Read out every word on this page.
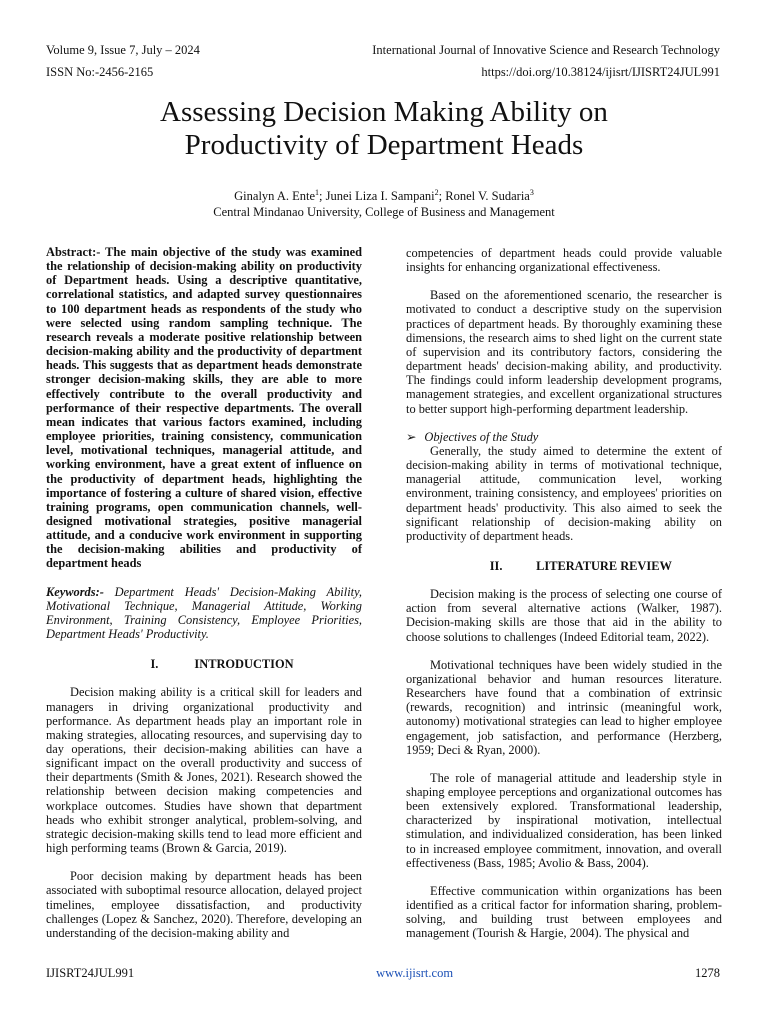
Volume 9, Issue 7, July – 2024	International Journal of Innovative Science and Research Technology
ISSN No:-2456-2165	https://doi.org/10.38124/ijisrt/IJISRT24JUL991
Assessing Decision Making Ability on
Productivity of Department Heads
Ginalyn A. Ente$^1$; Junei Liza I. Sampani$^2$; Ronel V. Sudaria$^3$
Central Mindanao University, College of Business and Management

Abstract:- The main objective of the study was examined the relationship of decision-making ability on productivity of Department heads. Using a descriptive quantitative, correlational statistics, and adapted survey questionnaires to 100 department heads as respondents of the study who were selected using random sampling technique. The research reveals a moderate positive relationship between decision-making ability and the productivity of department heads. This suggests that as department heads demonstrate stronger decision-making skills, they are able to more effectively contribute to the overall productivity and performance of their respective departments. The overall mean indicates that various factors examined, including employee priorities, training consistency, communication level, motivational techniques, managerial attitude, and working environment, have a great extent of influence on the productivity of department heads, highlighting the importance of fostering a culture of shared vision, effective training programs, open communication channels, well-designed motivational strategies, positive managerial attitude, and a conducive work environment in supporting the decision-making abilities and productivity of department heads

Keywords:- Department Heads' Decision-Making Ability, Motivational Technique, Managerial Attitude, Working Environment, Training Consistency, Employee Priorities, Department Heads' Productivity.

I.	INTRODUCTION

Decision making ability is a critical skill for leaders and managers in driving organizational productivity and performance. As department heads play an important role in making strategies, allocating resources, and supervising day to day operations, their decision-making abilities can have a significant impact on the overall productivity and success of their departments (Smith & Jones, 2021). Research showed the relationship between decision making competencies and workplace outcomes. Studies have shown that department heads who exhibit stronger analytical, problem-solving, and strategic decision-making skills tend to lead more efficient and high performing teams (Brown & Garcia, 2019).

Poor decision making by department heads has been associated with suboptimal resource allocation, delayed project timelines, employee dissatisfaction, and productivity challenges (Lopez & Sanchez, 2020). Therefore, developing an understanding of the decision-making ability and

competencies of department heads could provide valuable insights for enhancing organizational effectiveness.

Based on the aforementioned scenario, the researcher is motivated to conduct a descriptive study on the supervision practices of department heads. By thoroughly examining these dimensions, the research aims to shed light on the current state of supervision and its contributory factors, considering the department heads' decision-making ability, and productivity. The findings could inform leadership development programs, management strategies, and excellent organizational structures to better support high-performing department leadership.

➢ Objectives of the Study

Generally, the study aimed to determine the extent of decision-making ability in terms of motivational technique, managerial attitude, communication level, working environment, training consistency, and employees' priorities on department heads' productivity. This also aimed to seek the significant relationship of decision-making ability on productivity of department heads.

II.	LITERATURE REVIEW

Decision making is the process of selecting one course of action from several alternative actions (Walker, 1987). Decision-making skills are those that aid in the ability to choose solutions to challenges (Indeed Editorial team, 2022).

Motivational techniques have been widely studied in the organizational behavior and human resources literature. Researchers have found that a combination of extrinsic (rewards, recognition) and intrinsic (meaningful work, autonomy) motivational strategies can lead to higher employee engagement, job satisfaction, and performance (Herzberg, 1959; Deci & Ryan, 2000).

The role of managerial attitude and leadership style in shaping employee perceptions and organizational outcomes has been extensively explored. Transformational leadership, characterized by inspirational motivation, intellectual stimulation, and individualized consideration, has been linked to in increased employee commitment, innovation, and overall effectiveness (Bass, 1985; Avolio & Bass, 2004).

Effective communication within organizations has been identified as a critical factor for information sharing, problem-solving, and building trust between employees and management (Tourish & Hargie, 2004). The physical and

IJISRT24JUL991	www.ijisrt.com	1278
